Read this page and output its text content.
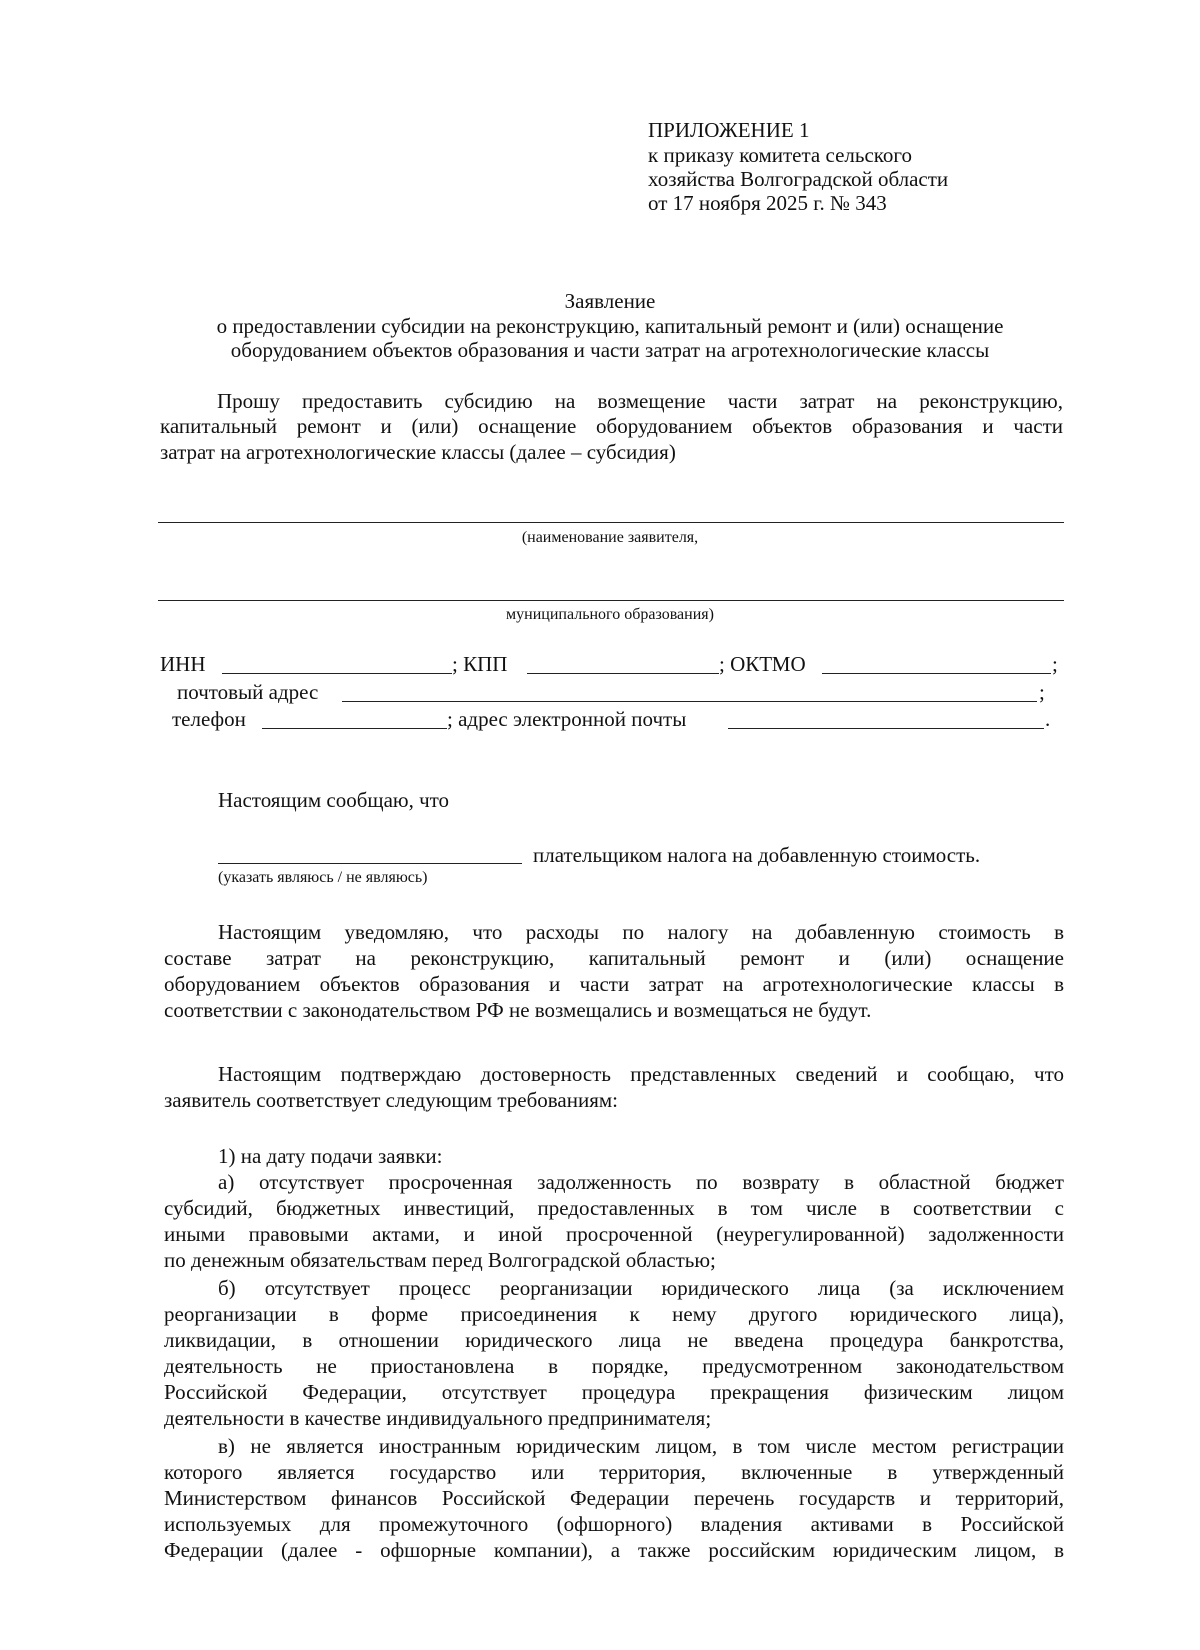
ПРИЛОЖЕНИЕ 1
к приказу комитета сельского
хозяйства Волгоградской области
от 17 ноября 2025 г. № 343
Заявление
о предоставлении субсидии на реконструкцию, капитальный ремонт и (или) оснащение
оборудованием объектов образования и части затрат на агротехнологические классы
Прошу предоставить субсидию на возмещение части затрат на реконструкцию,
капитальный ремонт и (или) оснащение оборудованием объектов образования и части
затрат на агротехнологические классы (далее – субсидия)
(наименование заявителя,
муниципального образования)
ИНН	; КПП	; ОКТМО	;
почтовый адрес	;
телефон	; адрес электронной почты	.
Настоящим сообщаю, что
плательщиком налога на добавленную стоимость.
(указать являюсь / не являюсь)
Настоящим уведомляю, что расходы по налогу на добавленную стоимость в
составе затрат на реконструкцию, капитальный ремонт и (или) оснащение
оборудованием объектов образования и части затрат на агротехнологические классы в
соответствии с законодательством РФ не возмещались и возмещаться не будут.
Настоящим подтверждаю достоверность представленных сведений и сообщаю, что
заявитель соответствует следующим требованиям:
1) на дату подачи заявки:
а) отсутствует просроченная задолженность по возврату в областной бюджет
субсидий, бюджетных инвестиций, предоставленных в том числе в соответствии с
иными правовыми актами, и иной просроченной (неурегулированной) задолженности
по денежным обязательствам перед Волгоградской областью;
б) отсутствует процесс реорганизации юридического лица (за исключением
реорганизации в форме присоединения к нему другого юридического лица),
ликвидации, в отношении юридического лица не введена процедура банкротства,
деятельность не приостановлена в порядке, предусмотренном законодательством
Российской Федерации, отсутствует процедура прекращения физическим лицом
деятельности в качестве индивидуального предпринимателя;
в) не является иностранным юридическим лицом, в том числе местом регистрации
которого является государство или территория, включенные в утвержденный
Министерством финансов Российской Федерации перечень государств и территорий,
используемых для промежуточного (офшорного) владения активами в Российской
Федерации (далее - офшорные компании), а также российским юридическим лицом, в
